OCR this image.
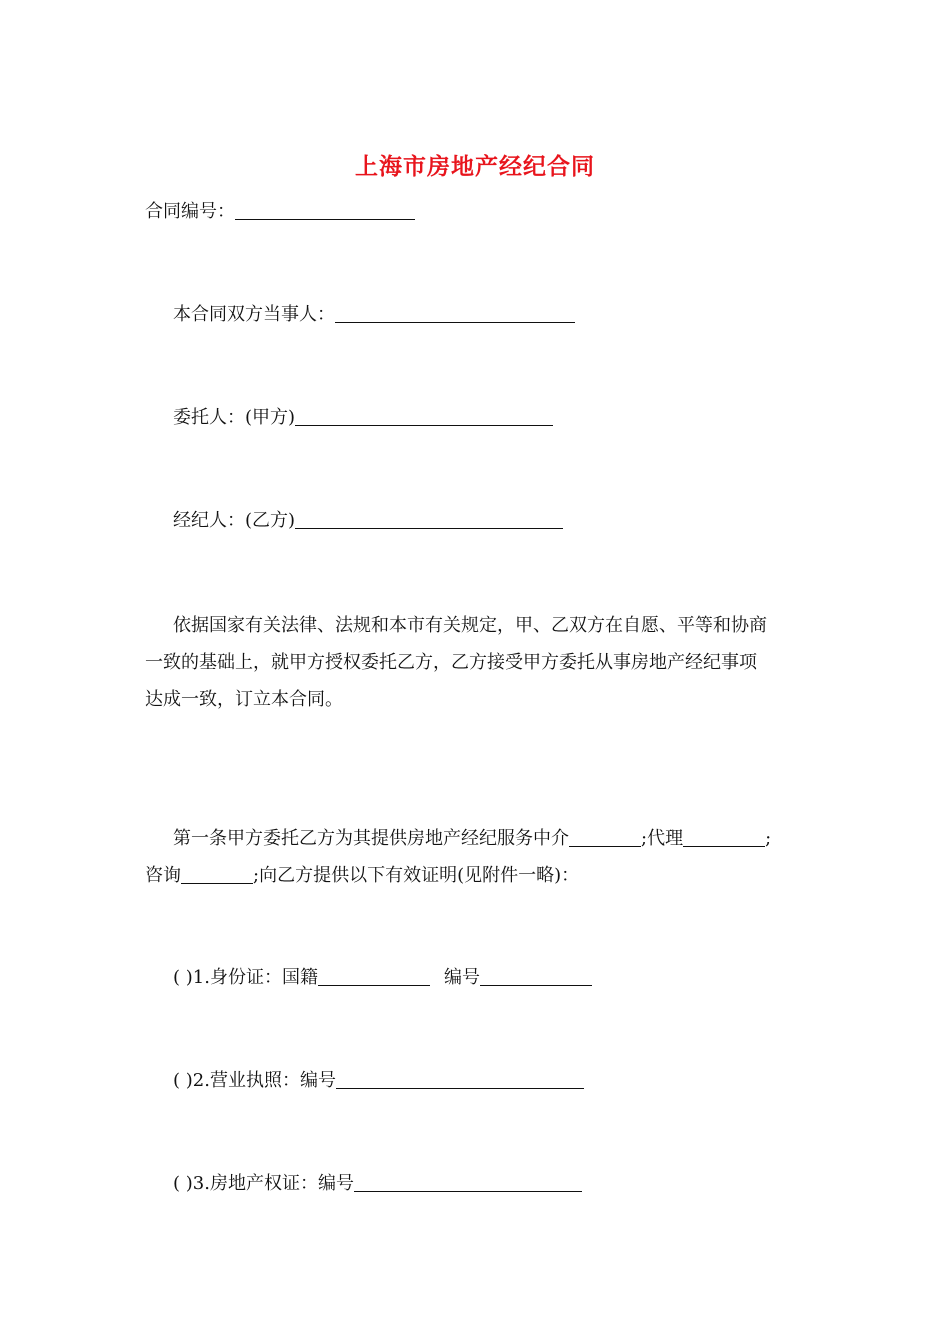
上海市房地产经纪合同
合同编号：
本合同双方当事人：
委托人：(甲方)
经纪人：(乙方)
依据国家有关法律、法规和本市有关规定，甲、乙双方在自愿、平等和协商
一致的基础上，就甲方授权委托乙方，乙方接受甲方委托从事房地产经纪事项
达成一致，订立本合同。
第一条甲方委托乙方为其提供房地产经纪服务中介	;代理	;
咨询	;向乙方提供以下有效证明(见附件一略)：
( )1.身份证：国籍	编号
( )2.营业执照：编号
( )3.房地产权证：编号
